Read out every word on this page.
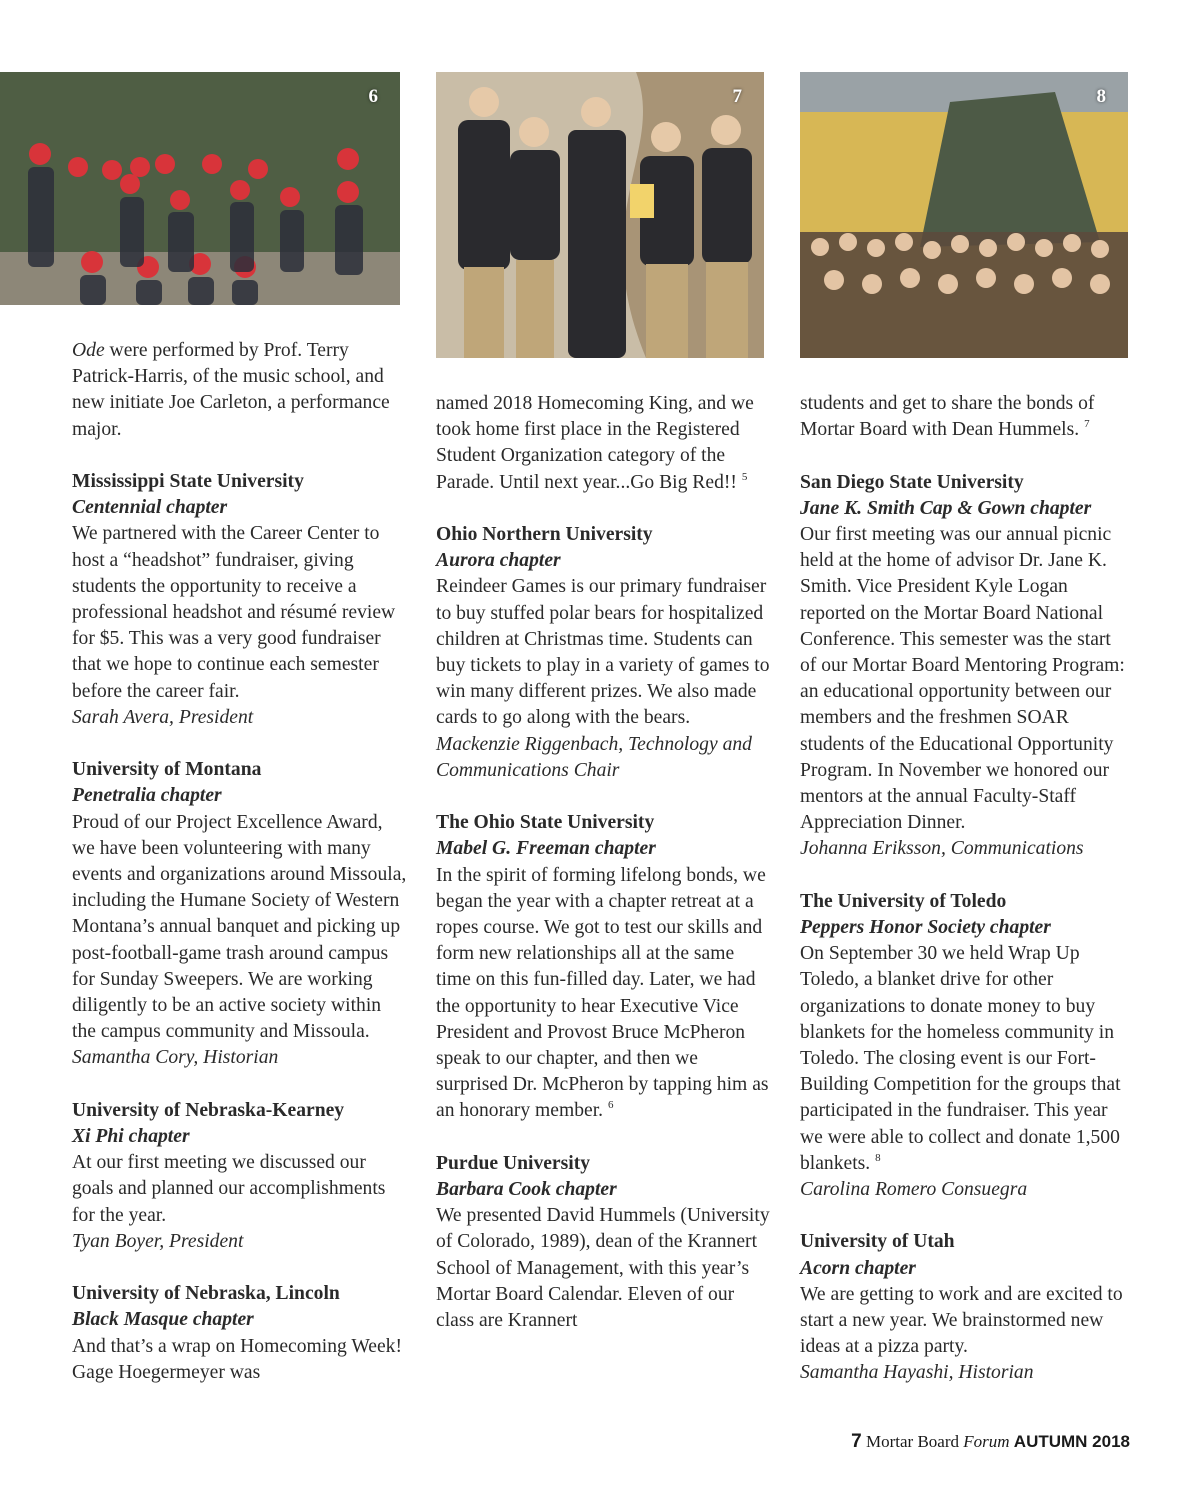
6	7	8

Ode were performed by Prof. Terry Patrick-Harris, of the music school, and new initiate Joe Carleton, a performance major.

Mississippi State University

Centennial chapter

We partnered with the Career Center to host a “headshot” fundraiser, giving students the opportunity to receive a professional headshot and résumé review for $5. This was a very good fundraiser that we hope to continue each semester before the career fair.

Sarah Avera, President

University of Montana

Penetralia chapter

Proud of our Project Excellence Award, we have been volunteering with many events and organizations around Missoula, including the Humane Society of Western Montana’s annual banquet and picking up post-football-game trash around campus for Sunday Sweepers. We are working diligently to be an active society within the campus community and Missoula.

Samantha Cory, Historian

University of Nebraska-Kearney

Xi Phi chapter

At our first meeting we discussed our goals and planned our accomplishments for the year.

Tyan Boyer, President

University of Nebraska, Lincoln

Black Masque chapter

And that’s a wrap on Homecoming Week! Gage Hoegermeyer was

named 2018 Homecoming King, and we took home first place in the Registered Student Organization category of the Parade. Until next year...Go Big Red!! $^5$

Ohio Northern University

Aurora chapter

Reindeer Games is our primary fundraiser to buy stuffed polar bears for hospitalized children at Christmas time. Students can buy tickets to play in a variety of games to win many different prizes. We also made cards to go along with the bears.

Mackenzie Riggenbach, Technology and Communications Chair

The Ohio State University

Mabel G. Freeman chapter

In the spirit of forming lifelong bonds, we began the year with a chapter retreat at a ropes course. We got to test our skills and form new relationships all at the same time on this fun-filled day. Later, we had the opportunity to hear Executive Vice President and Provost Bruce McPheron speak to our chapter, and then we surprised Dr. McPheron by tapping him as an honorary member. $^6$

Purdue University

Barbara Cook chapter

We presented David Hummels (University of Colorado, 1989), dean of the Krannert School of Management, with this year’s Mortar Board Calendar. Eleven of our class are Krannert

students and get to share the bonds of Mortar Board with Dean Hummels. $^7$

San Diego State University

Jane K. Smith Cap & Gown chapter

Our first meeting was our annual picnic held at the home of advisor Dr. Jane K. Smith. Vice President Kyle Logan reported on the Mortar Board National Conference. This semester was the start of our Mortar Board Mentoring Program: an educational opportunity between our members and the freshmen SOAR students of the Educational Opportunity Program. In November we honored our mentors at the annual Faculty-Staff Appreciation Dinner.

Johanna Eriksson, Communications

The University of Toledo

Peppers Honor Society chapter

On September 30 we held Wrap Up Toledo, a blanket drive for other organizations to donate money to buy blankets for the homeless community in Toledo. The closing event is our Fort-Building Competition for the groups that participated in the fundraiser. This year we were able to collect and donate 1,500 blankets. $^8$

Carolina Romero Consuegra

University of Utah

Acorn chapter

We are getting to work and are excited to start a new year. We brainstormed new ideas at a pizza party.

Samantha Hayashi, Historian

7 Mortar Board Forum AUTUMN 2018
